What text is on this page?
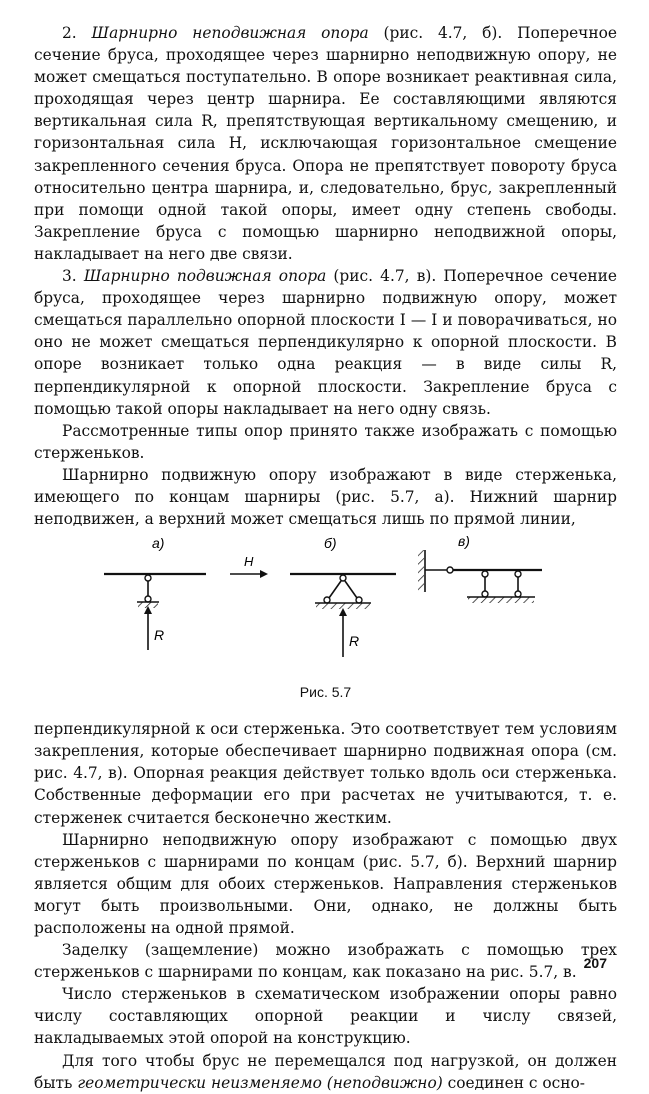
2. Шарнирно неподвижная опора (рис. 4.7, б). Поперечное сечение бруса, проходящее через шарнирно неподвижную опору, не может смещаться поступательно. В опоре возникает реактивная сила, проходящая через центр шарнира. Ее составляющими являются вертикальная сила R, препятствующая вертикальному смещению, и горизонтальная сила H, исключающая горизонтальное смещение закрепленного сечения бруса. Опора не препятствует повороту бруса относительно центра шарнира, и, следовательно, брус, закрепленный при помощи одной такой опоры, имеет одну степень свободы. Закрепление бруса с помощью шарнирно неподвижной опоры, накладывает на него две связи.

3. Шарнирно подвижная опора (рис. 4.7, в). Поперечное сечение бруса, проходящее через шарнирно подвижную опору, может смещаться параллельно опорной плоскости I — I и поворачиваться, но оно не может смещаться перпендикулярно к опорной плоскости. В опоре возникает только одна реакция — в виде силы R, перпендикулярной к опорной плоскости. Закрепление бруса с помощью такой опоры накладывает на него одну связь.

Рассмотренные типы опор принято также изображать с помощью стерженьков.

Шарнирно подвижную опору изображают в виде стерженька, имеющего по концам шарниры (рис. 5.7, а). Нижний шарнир неподвижен, а верхний может смещаться лишь по прямой линии,

а)
R
б)
H
R
в)

Рис. 5.7

перпендикулярной к оси стерженька. Это соответствует тем условиям закрепления, которые обеспечивает шарнирно подвижная опора (см. рис. 4.7, в). Опорная реакция действует только вдоль оси стерженька. Собственные деформации его при расчетах не учитываются, т. е. стерженек считается бесконечно жестким.

Шарнирно неподвижную опору изображают с помощью двух стерженьков с шарнирами по концам (рис. 5.7, б). Верхний шарнир является общим для обоих стерженьков. Направления стерженьков могут быть произвольными. Они, однако, не должны быть расположены на одной прямой.

Заделку (защемление) можно изображать с помощью трех стерженьков с шарнирами по концам, как показано на рис. 5.7, в.

Число стерженьков в схематическом изображении опоры равно числу составляющих опорной реакции и числу связей, накладываемых этой опорой на конструкцию.

Для того чтобы брус не перемещался под нагрузкой, он должен быть геометрически неизменяемо (неподвижно) соединен с осно-

207
